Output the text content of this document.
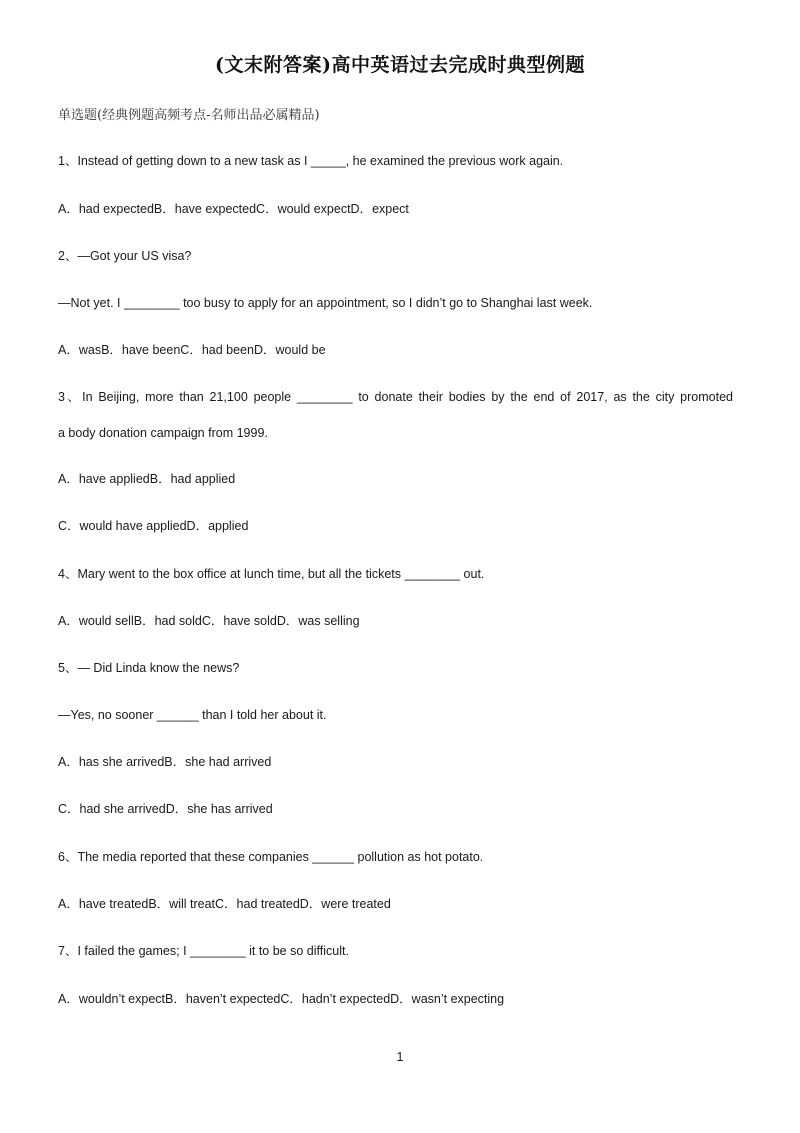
(文末附答案)高中英语过去完成时典型例题
单选题(经典例题高频考点-名师出品必属精品)
1、Instead of getting down to a new task as I _____, he examined the previous work again.
A．had expectedB．have expectedC．would expectD．expect
2、—Got your US visa?
—Not yet. I ________ too busy to apply for an appointment, so I didn’t go to Shanghai last week.
A．wasB．have beenC．had beenD．would be
3、In Beijing, more than 21,100 people ________ to donate their bodies by the end of 2017, as the city promoted
a body donation campaign from 1999.
A．have appliedB．had applied
C．would have appliedD．applied
4、Mary went to the box office at lunch time, but all the tickets ________ out.
A．would sellB．had soldC．have soldD．was selling
5、— Did Linda know the news?
—Yes, no sooner ______ than I told her about it.
A．has she arrivedB．she had arrived
C．had she arrivedD．she has arrived
6、The media reported that these companies ______ pollution as hot potato.
A．have treatedB．will treatC．had treatedD．were treated
7、I failed the games; I ________ it to be so difficult.
A．wouldn’t expectB．haven’t expectedC．hadn’t expectedD．wasn’t expecting
1
